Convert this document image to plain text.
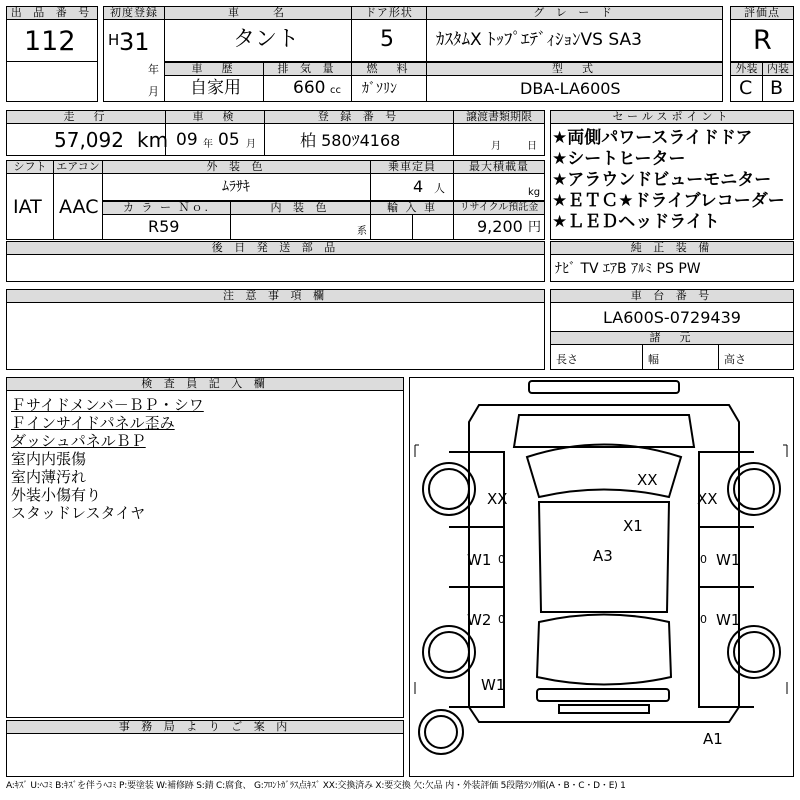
出 品 番 号
112
初度登録
H 31
年
月
車　　名
タント
ドア形状
5
グ レ ー ド
ｶｽﾀﾑX ﾄｯﾌﾟｴﾃﾞｨｼｮﾝVS SA3
評価点
R
車　歴
自家用
排 気 量
660 cc
燃　料
ｶﾞｿﾘﾝ
型　式
DBA-LA600S
外装 内装
C B
走　行
57,092 km
車　検
09 年 05 月
登 録 番 号
柏 580ﾂ4168
譲渡書類期限
月	日
シフト
IAT
エアコン
AAC
外 装 色
ﾑﾗｻｷ
乗車定員
4 人
最大積載量
kg
カ ラ ー Ｎｏ.
R59
内 装 色
系
輸 入 車	リサイクル預託金
9,200 円
後 日 発 送 部 品
セールスポイント
★両側パワースライドドア
★シートヒーター
★アラウンドビューモニター
★ＥＴＣ★ドライブレコーダー
★ＬＥＤヘッドライト
純 正 装 備
ﾅﾋﾞ TV ｴｱB ｱﾙﾐ PS PW
注 意 事 項 欄	車 台 番 号
LA600S-0729439
諸　元
長さ	幅	高さ
検 査 員 記 入 欄
Ｆサイドメンバ－ＢＰ・シワ
Ｆインサイドパネル歪み
ダッシュパネルＢＰ
室内内張傷
室内薄汚れ
外装小傷有り
スタッドレスタイヤ
事 務 局 よ り ご 案 内
XX
XX
XX
X1
A3
W1	W1
W2
W1
W1
A1
0	0
0	0
A:ｷｽﾞ U:ﾍｺﾐ B:ｷｽﾞを伴うﾍｺﾐ P:要塗装 W:補修跡 S:錆 C:腐食、 G:ﾌﾛﾝﾄｶﾞﾗｽ点ｷｽﾞ XX:交換済み X:要交換 欠:欠品 内・外装評価 5段階ﾗﾝｸ順(A・B・C・D・E) 1
